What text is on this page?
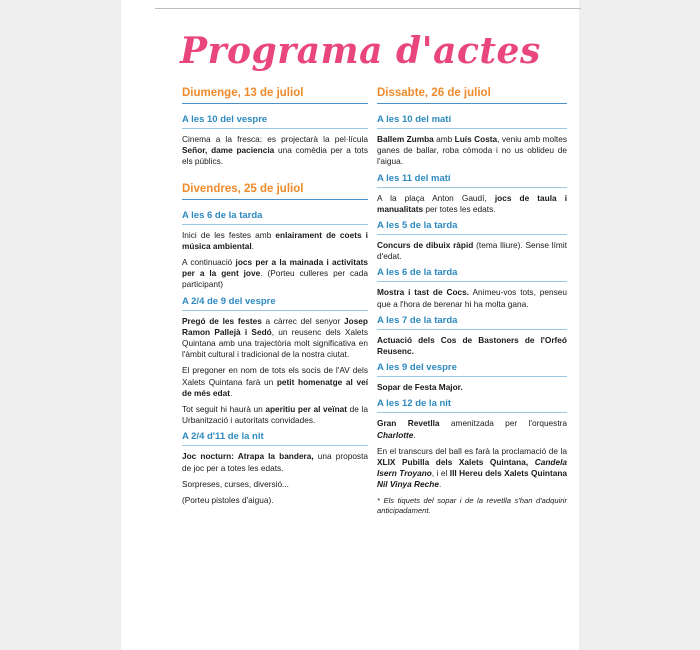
Programa d'actes
Diumenge, 13 de juliol
A les 10 del vespre

Cinema a la fresca: es projectarà la pel·lícula Señor, dame paciencia una comèdia per a tots els públics.

Divendres, 25 de juliol
A les 6 de la tarda

Inici de les festes amb enlairament de coets i música ambiental.

A continuació jocs per a la mainada i activitats per a la gent jove. (Porteu culleres per cada participant)

A 2/4 de 9 del vespre

Pregó de les festes a càrrec del senyor Josep Ramon Pallejà i Sedó, un reusenc dels Xalets Quintana amb una trajectòria molt significativa en l'àmbit cultural i tradicional de la nostra ciutat.

El pregoner en nom de tots els socis de l'AV dels Xalets Quintana farà un petit homenatge al veí de més edat.

Tot seguit hi haurà un aperitiu per al veïnat de la Urbanització i autoritats convidades.

A 2/4 d'11 de la nit

Joc nocturn: Atrapa la bandera, una proposta de joc per a totes les edats.

Sorpreses, curses, diversió...

(Porteu pistoles d'aigua).

Dissabte, 26 de juliol
A les 10 del matí

Ballem Zumba amb Luís Costa, veniu amb moltes ganes de ballar, roba còmoda i no us oblideu de l'aigua.

A les 11 del matí

A la plaça Anton Gaudí, jocs de taula i manualitats per totes les edats.

A les 5 de la tarda

Concurs de dibuix ràpid (tema lliure). Sense límit d'edat.

A les 6 de la tarda

Mostra i tast de Cocs. Animeu-vos tots, penseu que a l'hora de berenar hi ha molta gana.

A les 7 de la tarda

Actuació dels Cos de Bastoners de l'Orfeó Reusenc.

A les 9 del vespre

Sopar de Festa Major.

A les 12 de la nit

Gran Revetlla amenitzada per l'orquestra Charlotte.

En el transcurs del ball es farà la proclamació de la XLIX Pubilla dels Xalets Quintana, Candela Isern Troyano, i el III Hereu dels Xalets Quintana Nil Vinya Reche.

* Els tiquets del sopar i de la revetlla s'han d'adquirir anticipadament.
